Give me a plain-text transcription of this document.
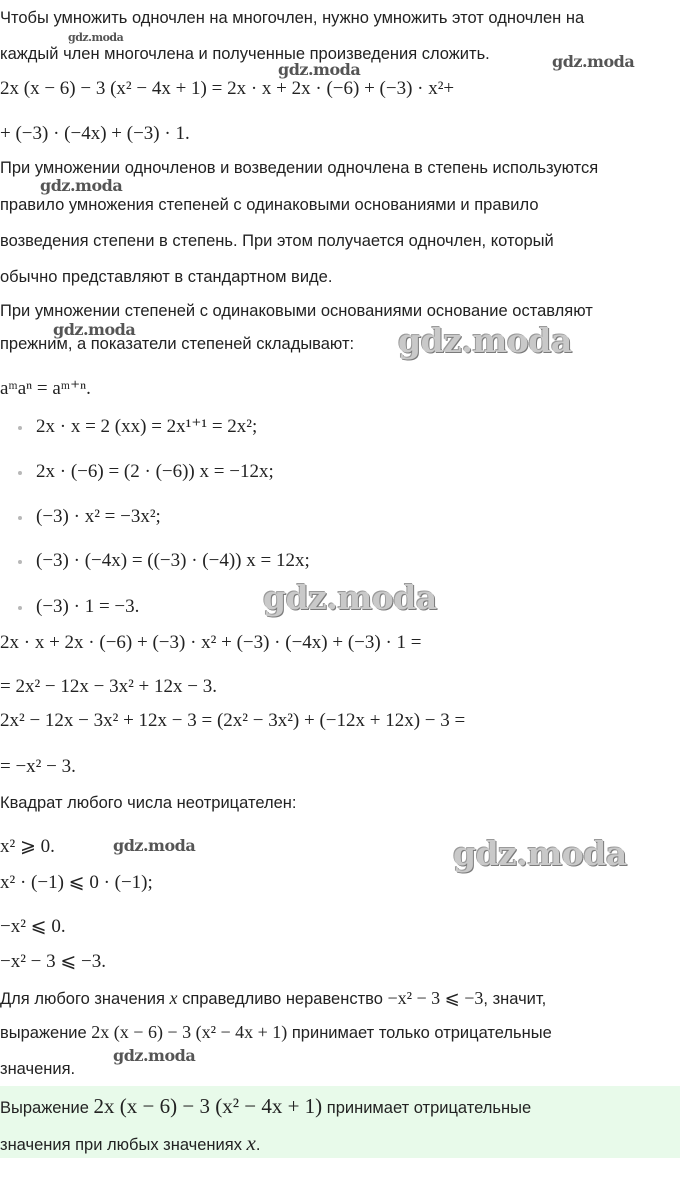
Чтобы умножить одночлен на многочлен, нужно умножить этот одночлен на
каждый член многочлена и полученные произведения сложить.
2x (x − 6) − 3 (x² − 4x + 1) = 2x · x + 2x · (−6) + (−3) · x²+
+ (−3) · (−4x) + (−3) · 1.
При умножении одночленов и возведении одночлена в степень используются
правило умножения степеней с одинаковыми основаниями и правило
возведения степени в степень. При этом получается одночлен, который
обычно представляют в стандартном виде.
При умножении степеней с одинаковыми основаниями основание оставляют
прежним, а показатели степеней складывают:
aᵐaⁿ = aᵐ⁺ⁿ.
2x · x = 2 (xx) = 2x¹⁺¹ = 2x²;
2x · (−6) = (2 · (−6)) x = −12x;
(−3) · x² = −3x²;
(−3) · (−4x) = ((−3) · (−4)) x = 12x;
(−3) · 1 = −3.
2x · x + 2x · (−6) + (−3) · x² + (−3) · (−4x) + (−3) · 1 =
= 2x² − 12x − 3x² + 12x − 3.
2x² − 12x − 3x² + 12x − 3 = (2x² − 3x²) + (−12x + 12x) − 3 =
= −x² − 3.
Квадрат любого числа неотрицателен:
x² ⩾ 0.
x² · (−1) ⩽ 0 · (−1);
−x² ⩽ 0.
−x² − 3 ⩽ −3.
Для любого значения x справедливо неравенство −x² − 3 ⩽ −3, значит,
выражение 2x (x − 6) − 3 (x² − 4x + 1) принимает только отрицательные
значения.
Выражение 2x (x − 6) − 3 (x² − 4x + 1) принимает отрицательные
значения при любых значениях x.
gdz.moda
gdz.moda	gdz.moda
gdz.moda
gdz.moda	gdz.moda
gdz.moda
gdz.moda	gdz.moda
gdz.moda
